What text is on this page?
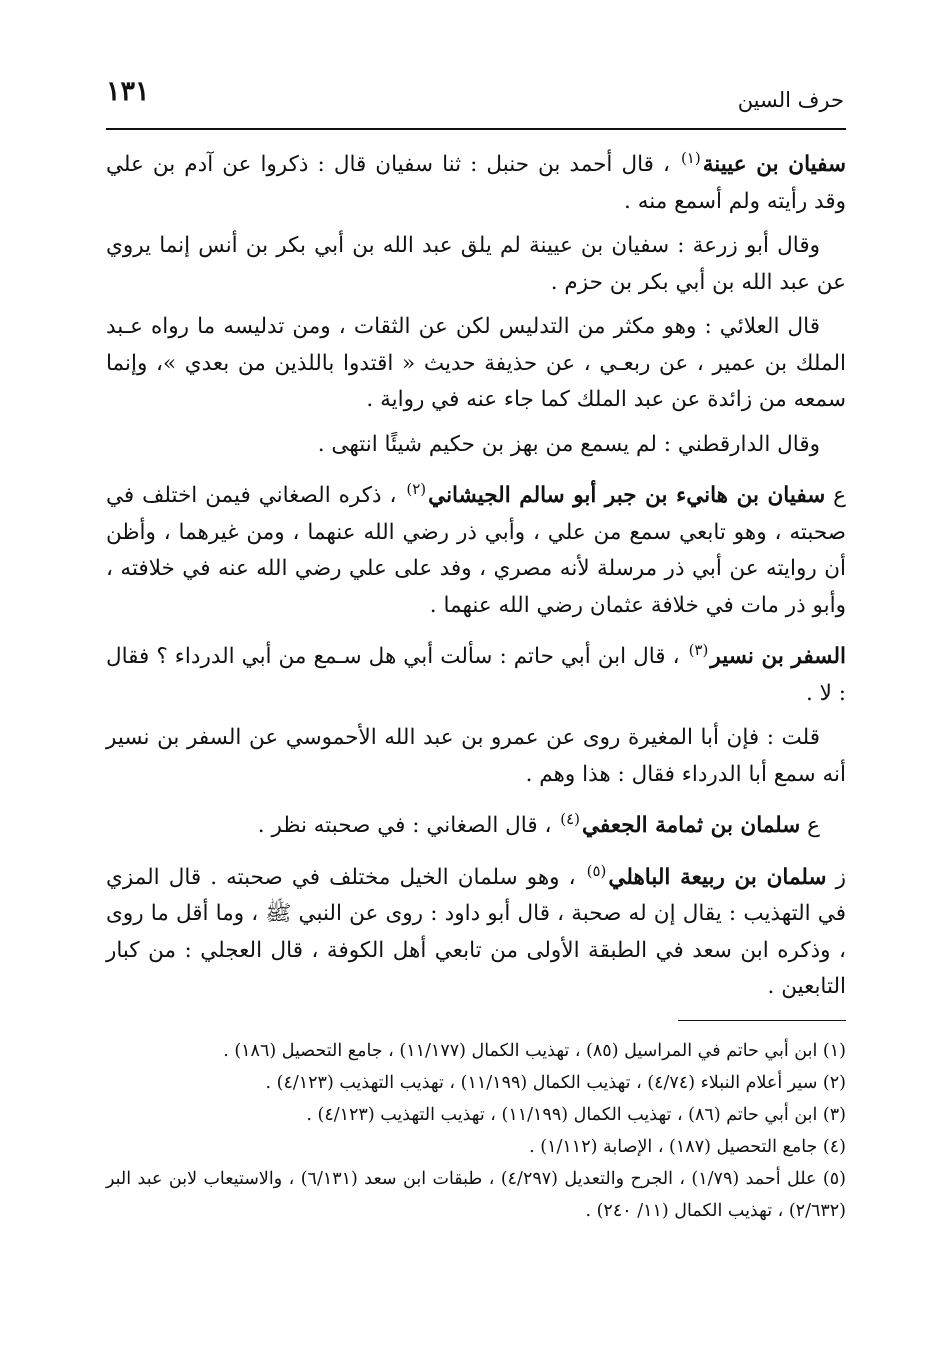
حرف السين
١٣١

سفيان بن عيينة$^{(١)}$ ، قال أحمد بن حنبل : ثنا سفيان قال : ذكروا عن آدم بن علي وقد رأيته ولم أسمع منه .

وقال أبو زرعة : سفيان بن عيينة لم يلق عبد الله بن أبي بكر بن أنس إنما يروي عن عبد الله بن أبي بكر بن حزم .

قال العلائي : وهو مكثر من التدليس لكن عن الثقات ، ومن تدليسه ما رواه عـبد الملك بن عمير ، عن ربعـي ، عن حذيفة حديث « اقتدوا باللذين من بعدي »، وإنما سمعه من زائدة عن عبد الملك كما جاء عنه في رواية .

وقال الدارقطني : لم يسمع من بهز بن حكيم شيئًا انتهى .

ع سفيان بن هانيء بن جبر أبو سالم الجيشاني$^{(٢)}$ ، ذكره الصغاني فيمن اختلف في صحبته ، وهو تابعي سمع من علي ، وأبي ذر رضي الله عنهما ، ومن غيرهما ، وأظن أن روايته عن أبي ذر مرسلة لأنه مصري ، وفد على علي رضي الله عنه في خلافته ، وأبو ذر مات في خلافة عثمان رضي الله عنهما .

السفر بن نسير$^{(٣)}$ ، قال ابن أبي حاتم : سألت أبي هل سـمع من أبي الدرداء ؟ فقال : لا .

قلت : فإن أبا المغيرة روى عن عمرو بن عبد الله الأحموسي عن السفر بن نسير أنه سمع أبا الدرداء فقال : هذا وهم .

ع سلمان بن ثمامة الجعفي$^{(٤)}$ ، قال الصغاني : في صحبته نظر .

ز سلمان بن ربيعة الباهلي$^{(٥)}$ ، وهو سلمان الخيل مختلف في صحبته . قال المزي في التهذيب : يقال إن له صحبة ، قال أبو داود : روى عن النبي ﷺ ، وما أقل ما روى ، وذكره ابن سعد في الطبقة الأولى من تابعي أهل الكوفة ، قال العجلي : من كبار التابعين .

(١) ابن أبي حاتم في المراسيل (٨٥) ، تهذيب الكمال (١١/١٧٧) ، جامع التحصيل (١٨٦) .

(٢) سير أعلام النبلاء (٤/٧٤) ، تهذيب الكمال (١١/١٩٩) ، تهذيب التهذيب (٤/١٢٣) .

(٣) ابن أبي حاتم (٨٦) ، تهذيب الكمال (١١/١٩٩) ، تهذيب التهذيب (٤/١٢٣) .

(٤) جامع التحصيل (١٨٧) ، الإصابة (١/١١٢) .

(٥) علل أحمد (١/٧٩) ، الجرح والتعديل (٤/٢٩٧) ، طبقات ابن سعد (٦/١٣١) ، والاستيعاب لابن عبد البر (٢/٦٣٢) ، تهذيب الكمال (١١/ ٢٤٠) .
